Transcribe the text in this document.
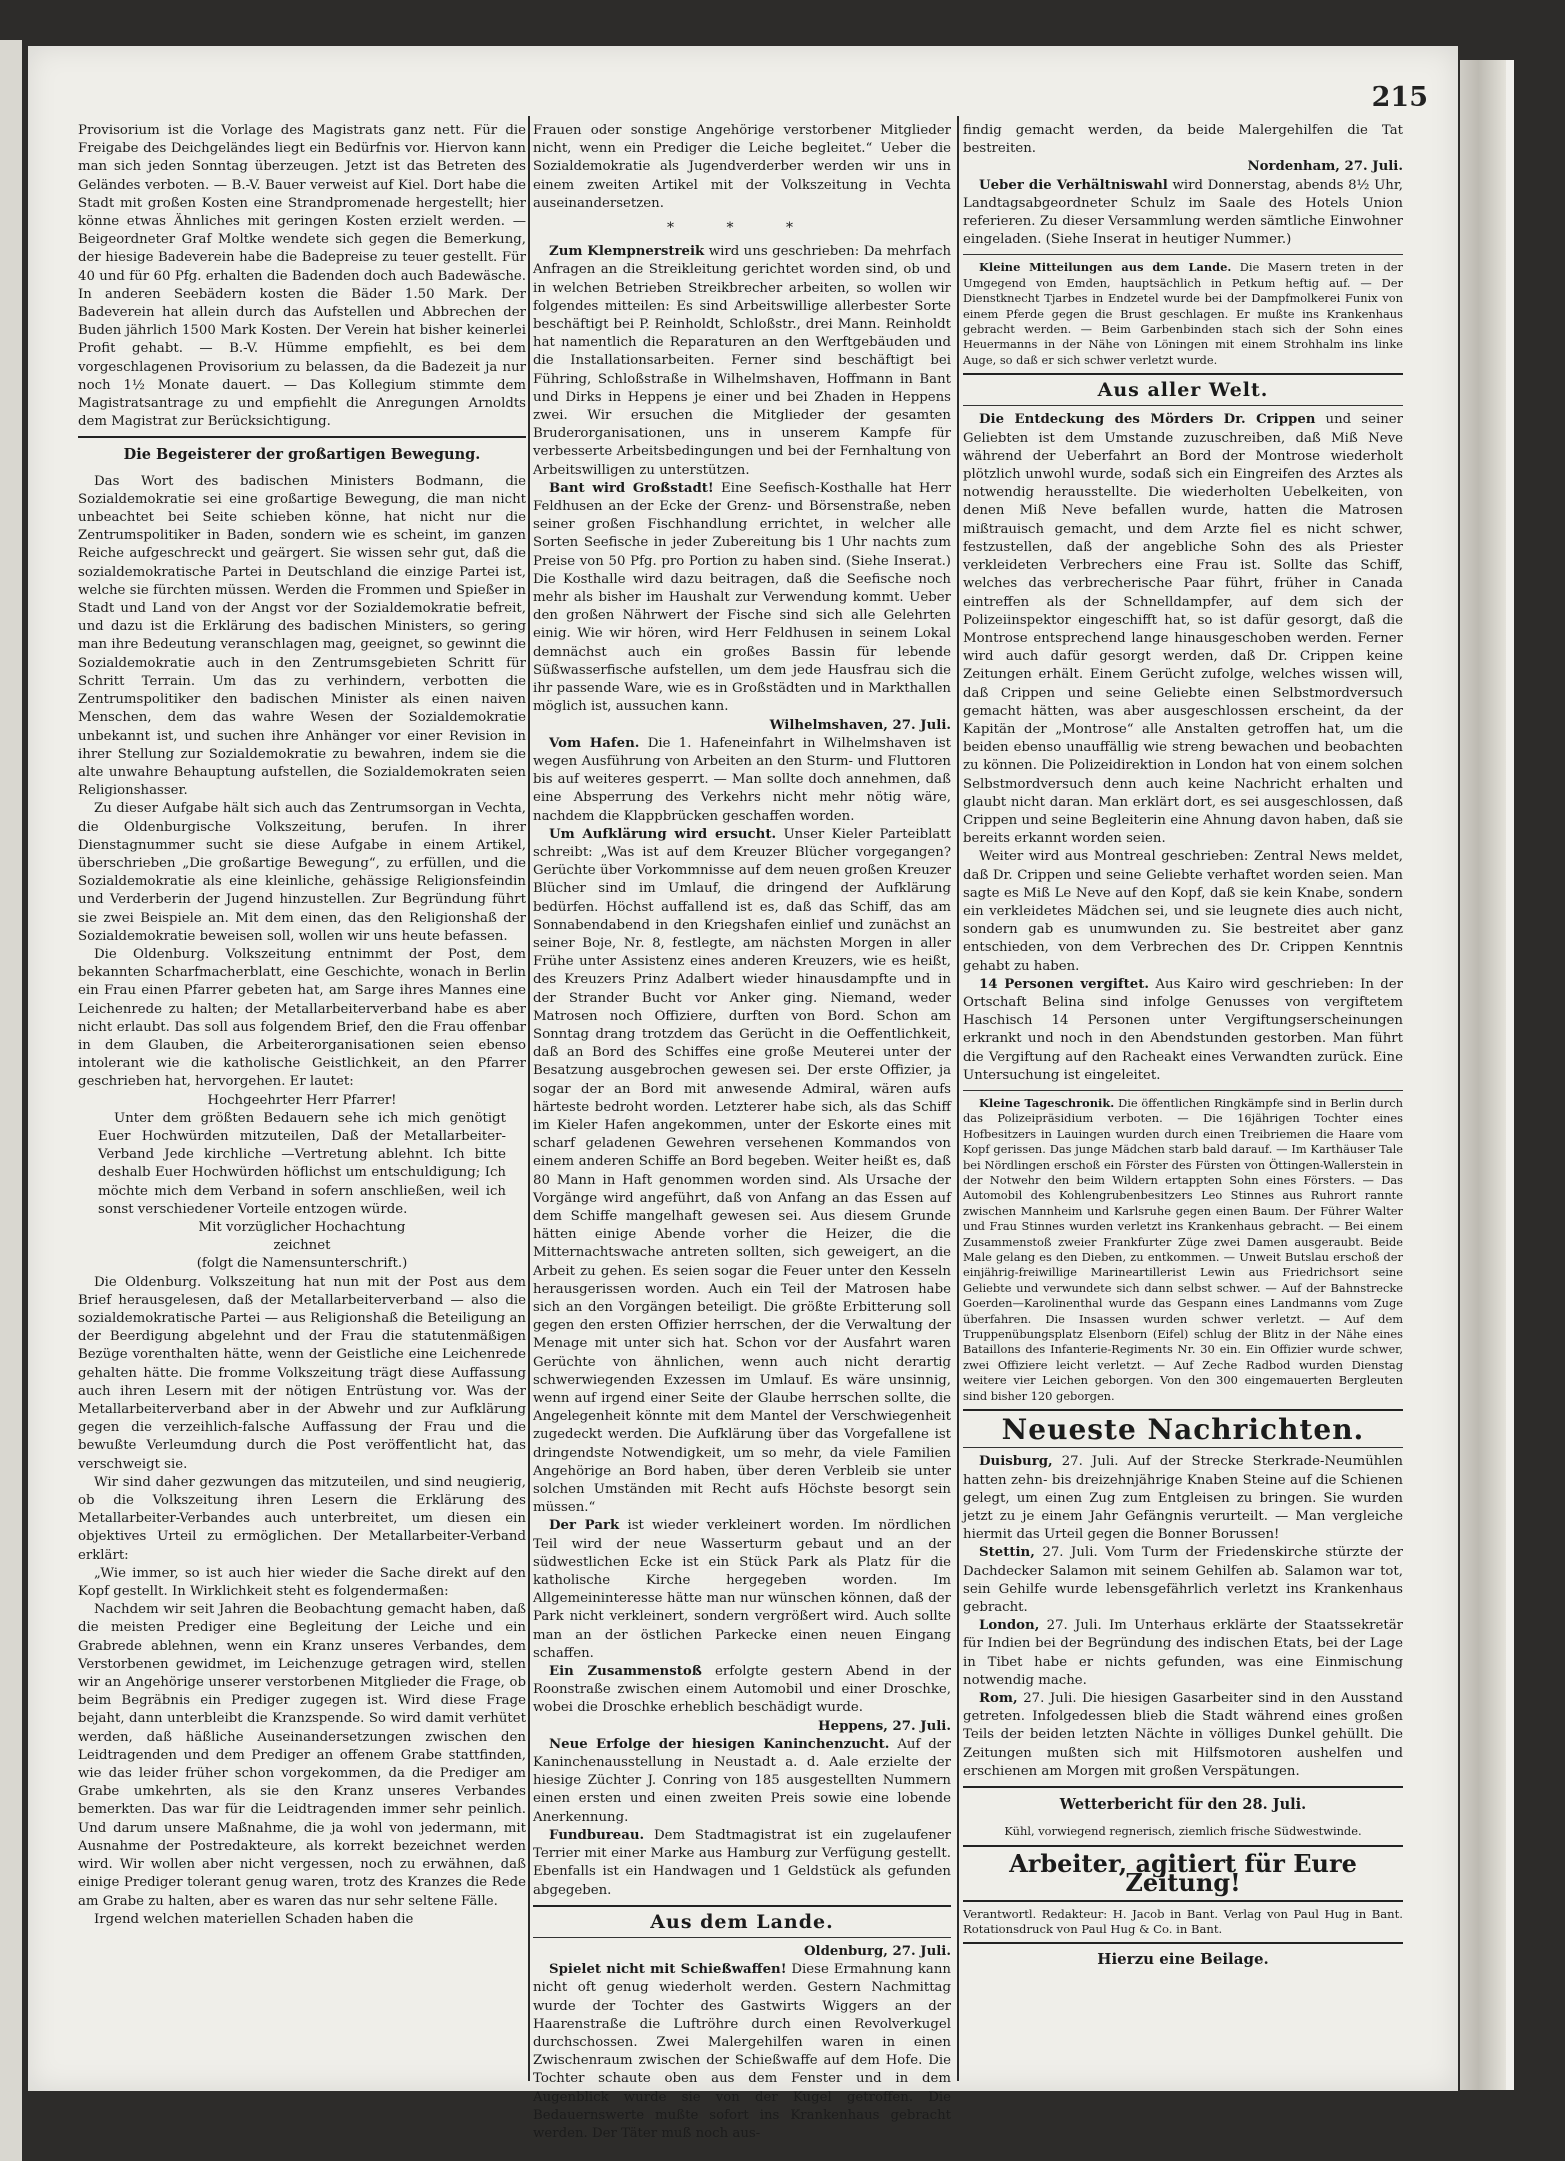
215

Provisorium ist die Vorlage des Magistrats ganz nett. Für die Freigabe des Deichgeländes liegt ein Bedürfnis vor. Hiervon kann man sich jeden Sonntag überzeugen. Jetzt ist das Betreten des Geländes verboten. — B.-V. Bauer verweist auf Kiel. Dort habe die Stadt mit großen Kosten eine Strandpromenade hergestellt; hier könne etwas Ähnliches mit geringen Kosten erzielt werden. — Beigeordneter Graf Moltke wendete sich gegen die Bemerkung, der hiesige Badeverein habe die Badepreise zu teuer gestellt. Für 40 und für 60 Pfg. erhalten die Badenden doch auch Badewäsche. In anderen Seebädern kosten die Bäder 1.50 Mark. Der Badeverein hat allein durch das Aufstellen und Abbrechen der Buden jährlich 1500 Mark Kosten. Der Verein hat bisher keinerlei Profit gehabt. — B.-V. Hümme empfiehlt, es bei dem vorgeschlagenen Provisorium zu belassen, da die Badezeit ja nur noch 1½ Monate dauert. — Das Kollegium stimmte dem Magistratsantrage zu und empfiehlt die Anregungen Arnoldts dem Magistrat zur Berücksichtigung.

Die Begeisterer der großartigen Bewegung.

Das Wort des badischen Ministers Bodmann, die Sozialdemokratie sei eine großartige Bewegung, die man nicht unbeachtet bei Seite schieben könne, hat nicht nur die Zentrumspolitiker in Baden, sondern wie es scheint, im ganzen Reiche aufgeschreckt und geärgert. Sie wissen sehr gut, daß die sozialdemokratische Partei in Deutschland die einzige Partei ist, welche sie fürchten müssen. Werden die Frommen und Spießer in Stadt und Land von der Angst vor der Sozialdemokratie befreit, und dazu ist die Erklärung des badischen Ministers, so gering man ihre Bedeutung veranschlagen mag, geeignet, so gewinnt die Sozialdemokratie auch in den Zentrumsgebieten Schritt für Schritt Terrain. Um das zu verhindern, verbotten die Zentrumspolitiker den badischen Minister als einen naiven Menschen, dem das wahre Wesen der Sozialdemokratie unbekannt ist, und suchen ihre Anhänger vor einer Revision in ihrer Stellung zur Sozialdemokratie zu bewahren, indem sie die alte unwahre Behauptung aufstellen, die Sozialdemokraten seien Religionshasser.

Zu dieser Aufgabe hält sich auch das Zentrumsorgan in Vechta, die Oldenburgische Volkszeitung, berufen. In ihrer Dienstagnummer sucht sie diese Aufgabe in einem Artikel, überschrieben „Die großartige Bewegung“, zu erfüllen, und die Sozialdemokratie als eine kleinliche, gehässige Religionsfeindin und Verderberin der Jugend hinzustellen. Zur Begründung führt sie zwei Beispiele an. Mit dem einen, das den Religionshaß der Sozialdemokratie beweisen soll, wollen wir uns heute befassen.

Die Oldenburg. Volkszeitung entnimmt der Post, dem bekannten Scharfmacherblatt, eine Geschichte, wonach in Berlin ein Frau einen Pfarrer gebeten hat, am Sarge ihres Mannes eine Leichenrede zu halten; der Metallarbeiterverband habe es aber nicht erlaubt. Das soll aus folgendem Brief, den die Frau offenbar in dem Glauben, die Arbeiterorganisationen seien ebenso intolerant wie die katholische Geistlichkeit, an den Pfarrer geschrieben hat, hervorgehen. Er lautet:

Hochgeehrter Herr Pfarrer!

Unter dem größten Bedauern sehe ich mich genötigt Euer Hochwürden mitzuteilen, Daß der Metallarbeiter-Verband Jede kirchliche —Vertretung ablehnt. Ich bitte deshalb Euer Hochwürden höflichst um entschuldigung; Ich möchte mich dem Verband in sofern anschließen, weil ich sonst verschiedener Vorteile entzogen würde.

Mit vorzüglicher Hochachtung

zeichnet

(folgt die Namensunterschrift.)

Die Oldenburg. Volkszeitung hat nun mit der Post aus dem Brief herausgelesen, daß der Metallarbeiterverband — also die sozialdemokratische Partei — aus Religionshaß die Beteiligung an der Beerdigung abgelehnt und der Frau die statutenmäßigen Bezüge vorenthalten hätte, wenn der Geistliche eine Leichenrede gehalten hätte. Die fromme Volkszeitung trägt diese Auffassung auch ihren Lesern mit der nötigen Entrüstung vor. Was der Metallarbeiterverband aber in der Abwehr und zur Aufklärung gegen die verzeihlich-falsche Auffassung der Frau und die bewußte Verleumdung durch die Post veröffentlicht hat, das verschweigt sie.

Wir sind daher gezwungen das mitzuteilen, und sind neugierig, ob die Volkszeitung ihren Lesern die Erklärung des Metallarbeiter-Verbandes auch unterbreitet, um diesen ein objektives Urteil zu ermöglichen. Der Metallarbeiter-Verband erklärt:

„Wie immer, so ist auch hier wieder die Sache direkt auf den Kopf gestellt. In Wirklichkeit steht es folgendermaßen:

Nachdem wir seit Jahren die Beobachtung gemacht haben, daß die meisten Prediger eine Begleitung der Leiche und ein Grabrede ablehnen, wenn ein Kranz unseres Verbandes, dem Verstorbenen gewidmet, im Leichenzuge getragen wird, stellen wir an Angehörige unserer verstorbenen Mitglieder die Frage, ob beim Begräbnis ein Prediger zugegen ist. Wird diese Frage bejaht, dann unterbleibt die Kranzspende. So wird damit verhütet werden, daß häßliche Auseinandersetzungen zwischen den Leidtragenden und dem Prediger an offenem Grabe stattfinden, wie das leider früher schon vorgekommen, da die Prediger am Grabe umkehrten, als sie den Kranz unseres Verbandes bemerkten. Das war für die Leidtragenden immer sehr peinlich. Und darum unsere Maßnahme, die ja wohl von jedermann, mit Ausnahme der Postredakteure, als korrekt bezeichnet werden wird. Wir wollen aber nicht vergessen, noch zu erwähnen, daß einige Prediger tolerant genug waren, trotz des Kranzes die Rede am Grabe zu halten, aber es waren das nur sehr seltene Fälle.

Irgend welchen materiellen Schaden haben die

Frauen oder sonstige Angehörige verstorbener Mitglieder nicht, wenn ein Prediger die Leiche begleitet.“ Ueber die Sozialdemokratie als Jugendverderber werden wir uns in einem zweiten Artikel mit der Volkszeitung in Vechta auseinandersetzen.

* * *

Zum Klempnerstreik wird uns geschrieben: Da mehrfach Anfragen an die Streikleitung gerichtet worden sind, ob und in welchen Betrieben Streikbrecher arbeiten, so wollen wir folgendes mitteilen: Es sind Arbeitswillige allerbester Sorte beschäftigt bei P. Reinholdt, Schloßstr., drei Mann. Reinholdt hat namentlich die Reparaturen an den Werftgebäuden und die Installationsarbeiten. Ferner sind beschäftigt bei Führing, Schloßstraße in Wilhelmshaven, Hoffmann in Bant und Dirks in Heppens je einer und bei Zhaden in Heppens zwei. Wir ersuchen die Mitglieder der gesamten Bruderorganisationen, uns in unserem Kampfe für verbesserte Arbeitsbedingungen und bei der Fernhaltung von Arbeitswilligen zu unterstützen.

Bant wird Großstadt! Eine Seefisch-Kosthalle hat Herr Feldhusen an der Ecke der Grenz- und Börsenstraße, neben seiner großen Fischhandlung errichtet, in welcher alle Sorten Seefische in jeder Zubereitung bis 1 Uhr nachts zum Preise von 50 Pfg. pro Portion zu haben sind. (Siehe Inserat.) Die Kosthalle wird dazu beitragen, daß die Seefische noch mehr als bisher im Haushalt zur Verwendung kommt. Ueber den großen Nährwert der Fische sind sich alle Gelehrten einig. Wie wir hören, wird Herr Feldhusen in seinem Lokal demnächst auch ein großes Bassin für lebende Süßwasserfische aufstellen, um dem jede Hausfrau sich die ihr passende Ware, wie es in Großstädten und in Markthallen möglich ist, aussuchen kann.

Wilhelmshaven, 27. Juli.

Vom Hafen. Die 1. Hafeneinfahrt in Wilhelmshaven ist wegen Ausführung von Arbeiten an den Sturm- und Fluttoren bis auf weiteres gesperrt. — Man sollte doch annehmen, daß eine Absperrung des Verkehrs nicht mehr nötig wäre, nachdem die Klappbrücken geschaffen worden.

Um Aufklärung wird ersucht. Unser Kieler Parteiblatt schreibt: „Was ist auf dem Kreuzer Blücher vorgegangen? Gerüchte über Vorkommnisse auf dem neuen großen Kreuzer Blücher sind im Umlauf, die dringend der Aufklärung bedürfen. Höchst auffallend ist es, daß das Schiff, das am Sonnabendabend in den Kriegshafen einlief und zunächst an seiner Boje, Nr. 8, festlegte, am nächsten Morgen in aller Frühe unter Assistenz eines anderen Kreuzers, wie es heißt, des Kreuzers Prinz Adalbert wieder hinausdampfte und in der Strander Bucht vor Anker ging. Niemand, weder Matrosen noch Offiziere, durften von Bord. Schon am Sonntag drang trotzdem das Gerücht in die Oeffentlichkeit, daß an Bord des Schiffes eine große Meuterei unter der Besatzung ausgebrochen gewesen sei. Der erste Offizier, ja sogar der an Bord mit anwesende Admiral, wären aufs härteste bedroht worden. Letzterer habe sich, als das Schiff im Kieler Hafen angekommen, unter der Eskorte eines mit scharf geladenen Gewehren versehenen Kommandos von einem anderen Schiffe an Bord begeben. Weiter heißt es, daß 80 Mann in Haft genommen worden sind. Als Ursache der Vorgänge wird angeführt, daß von Anfang an das Essen auf dem Schiffe mangelhaft gewesen sei. Aus diesem Grunde hätten einige Abende vorher die Heizer, die die Mitternachtswache antreten sollten, sich geweigert, an die Arbeit zu gehen. Es seien sogar die Feuer unter den Kesseln herausgerissen worden. Auch ein Teil der Matrosen habe sich an den Vorgängen beteiligt. Die größte Erbitterung soll gegen den ersten Offizier herrschen, der die Verwaltung der Menage mit unter sich hat. Schon vor der Ausfahrt waren Gerüchte von ähnlichen, wenn auch nicht derartig schwerwiegenden Exzessen im Umlauf. Es wäre unsinnig, wenn auf irgend einer Seite der Glaube herrschen sollte, die Angelegenheit könnte mit dem Mantel der Verschwiegenheit zugedeckt werden. Die Aufklärung über das Vorgefallene ist dringendste Notwendigkeit, um so mehr, da viele Familien Angehörige an Bord haben, über deren Verbleib sie unter solchen Umständen mit Recht aufs Höchste besorgt sein müssen.“

Der Park ist wieder verkleinert worden. Im nördlichen Teil wird der neue Wasserturm gebaut und an der südwestlichen Ecke ist ein Stück Park als Platz für die katholische Kirche hergegeben worden. Im Allgemeininteresse hätte man nur wünschen können, daß der Park nicht verkleinert, sondern vergrößert wird. Auch sollte man an der östlichen Parkecke einen neuen Eingang schaffen.

Ein Zusammenstoß erfolgte gestern Abend in der Roonstraße zwischen einem Automobil und einer Droschke, wobei die Droschke erheblich beschädigt wurde.

Heppens, 27. Juli.

Neue Erfolge der hiesigen Kaninchenzucht. Auf der Kaninchenausstellung in Neustadt a. d. Aale erzielte der hiesige Züchter J. Conring von 185 ausgestellten Nummern einen ersten und einen zweiten Preis sowie eine lobende Anerkennung.

Fundbureau. Dem Stadtmagistrat ist ein zugelaufener Terrier mit einer Marke aus Hamburg zur Verfügung gestellt. Ebenfalls ist ein Handwagen und 1 Geldstück als gefunden abgegeben.

Aus dem Lande.

Oldenburg, 27. Juli.

Spielet nicht mit Schießwaffen! Diese Ermahnung kann nicht oft genug wiederholt werden. Gestern Nachmittag wurde der Tochter des Gastwirts Wiggers an der Haarenstraße die Luftröhre durch einen Revolverkugel durchschossen. Zwei Malergehilfen waren in einen Zwischenraum zwischen der Schießwaffe auf dem Hofe. Die Tochter schaute oben aus dem Fenster und in dem Augenblick wurde sie von der Kugel getroffen. Die Bedauernswerte mußte sofort ins Krankenhaus gebracht werden. Der Täter muß noch aus-

findig gemacht werden, da beide Malergehilfen die Tat bestreiten.

Nordenham, 27. Juli.

Ueber die Verhältniswahl wird Donnerstag, abends 8½ Uhr, Landtagsabgeordneter Schulz im Saale des Hotels Union referieren. Zu dieser Versammlung werden sämtliche Einwohner eingeladen. (Siehe Inserat in heutiger Nummer.)

Kleine Mitteilungen aus dem Lande. Die Masern treten in der Umgegend von Emden, hauptsächlich in Petkum heftig auf. — Der Dienstknecht Tjarbes in Endzetel wurde bei der Dampfmolkerei Funix von einem Pferde gegen die Brust geschlagen. Er mußte ins Krankenhaus gebracht werden. — Beim Garbenbinden stach sich der Sohn eines Heuermanns in der Nähe von Löningen mit einem Strohhalm ins linke Auge, so daß er sich schwer verletzt wurde.

Aus aller Welt.

Die Entdeckung des Mörders Dr. Crippen und seiner Geliebten ist dem Umstande zuzuschreiben, daß Miß Neve während der Ueberfahrt an Bord der Montrose wiederholt plötzlich unwohl wurde, sodaß sich ein Eingreifen des Arztes als notwendig herausstellte. Die wiederholten Uebelkeiten, von denen Miß Neve befallen wurde, hatten die Matrosen mißtrauisch gemacht, und dem Arzte fiel es nicht schwer, festzustellen, daß der angebliche Sohn des als Priester verkleideten Verbrechers eine Frau ist. Sollte das Schiff, welches das verbrecherische Paar führt, früher in Canada eintreffen als der Schnelldampfer, auf dem sich der Polizeiinspektor eingeschifft hat, so ist dafür gesorgt, daß die Montrose entsprechend lange hinausgeschoben werden. Ferner wird auch dafür gesorgt werden, daß Dr. Crippen keine Zeitungen erhält. Einem Gerücht zufolge, welches wissen will, daß Crippen und seine Geliebte einen Selbstmordversuch gemacht hätten, was aber ausgeschlossen erscheint, da der Kapitän der „Montrose“ alle Anstalten getroffen hat, um die beiden ebenso unauffällig wie streng bewachen und beobachten zu können. Die Polizeidirektion in London hat von einem solchen Selbstmordversuch denn auch keine Nachricht erhalten und glaubt nicht daran. Man erklärt dort, es sei ausgeschlossen, daß Crippen und seine Begleiterin eine Ahnung davon haben, daß sie bereits erkannt worden seien.

Weiter wird aus Montreal geschrieben: Zentral News meldet, daß Dr. Crippen und seine Geliebte verhaftet worden seien. Man sagte es Miß Le Neve auf den Kopf, daß sie kein Knabe, sondern ein verkleidetes Mädchen sei, und sie leugnete dies auch nicht, sondern gab es unumwunden zu. Sie bestreitet aber ganz entschieden, von dem Verbrechen des Dr. Crippen Kenntnis gehabt zu haben.

14 Personen vergiftet. Aus Kairo wird geschrieben: In der Ortschaft Belina sind infolge Genusses von vergiftetem Haschisch 14 Personen unter Vergiftungserscheinungen erkrankt und noch in den Abendstunden gestorben. Man führt die Vergiftung auf den Racheakt eines Verwandten zurück. Eine Untersuchung ist eingeleitet.

Kleine Tageschronik. Die öffentlichen Ringkämpfe sind in Berlin durch das Polizeipräsidium verboten. — Die 16jährigen Tochter eines Hofbesitzers in Lauingen wurden durch einen Treibriemen die Haare vom Kopf gerissen. Das junge Mädchen starb bald darauf. — Im Karthäuser Tale bei Nördlingen erschoß ein Förster des Fürsten von Öttingen-Wallerstein in der Notwehr den beim Wildern ertappten Sohn eines Försters. — Das Automobil des Kohlengrubenbesitzers Leo Stinnes aus Ruhrort rannte zwischen Mannheim und Karlsruhe gegen einen Baum. Der Führer Walter und Frau Stinnes wurden verletzt ins Krankenhaus gebracht. — Bei einem Zusammenstoß zweier Frankfurter Züge zwei Damen ausgeraubt. Beide Male gelang es den Dieben, zu entkommen. — Unweit Butslau erschoß der einjährig-freiwillige Marineartillerist Lewin aus Friedrichsort seine Geliebte und verwundete sich dann selbst schwer. — Auf der Bahnstrecke Goerden—Karolinenthal wurde das Gespann eines Landmanns vom Zuge überfahren. Die Insassen wurden schwer verletzt. — Auf dem Truppenübungsplatz Elsenborn (Eifel) schlug der Blitz in der Nähe eines Bataillons des Infanterie-Regiments Nr. 30 ein. Ein Offizier wurde schwer, zwei Offiziere leicht verletzt. — Auf Zeche Radbod wurden Dienstag weitere vier Leichen geborgen. Von den 300 eingemauerten Bergleuten sind bisher 120 geborgen.

Neueste Nachrichten.

Duisburg, 27. Juli. Auf der Strecke Sterkrade-Neumühlen hatten zehn- bis dreizehnjährige Knaben Steine auf die Schienen gelegt, um einen Zug zum Entgleisen zu bringen. Sie wurden jetzt zu je einem Jahr Gefängnis verurteilt. — Man vergleiche hiermit das Urteil gegen die Bonner Borussen!

Stettin, 27. Juli. Vom Turm der Friedenskirche stürzte der Dachdecker Salamon mit seinem Gehilfen ab. Salamon war tot, sein Gehilfe wurde lebensgefährlich verletzt ins Krankenhaus gebracht.

London, 27. Juli. Im Unterhaus erklärte der Staatssekretär für Indien bei der Begründung des indischen Etats, bei der Lage in Tibet habe er nichts gefunden, was eine Einmischung notwendig mache.

Rom, 27. Juli. Die hiesigen Gasarbeiter sind in den Ausstand getreten. Infolgedessen blieb die Stadt während eines großen Teils der beiden letzten Nächte in völliges Dunkel gehüllt. Die Zeitungen mußten sich mit Hilfsmotoren aushelfen und erschienen am Morgen mit großen Verspätungen.

Wetterbericht für den 28. Juli.

Kühl, vorwiegend regnerisch, ziemlich frische Südwestwinde.

Arbeiter, agitiert für Eure Zeitung!

Verantwortl. Redakteur: H. Jacob in Bant. Verlag von Paul Hug in Bant. Rotationsdruck von Paul Hug & Co. in Bant.

Hierzu eine Beilage.
